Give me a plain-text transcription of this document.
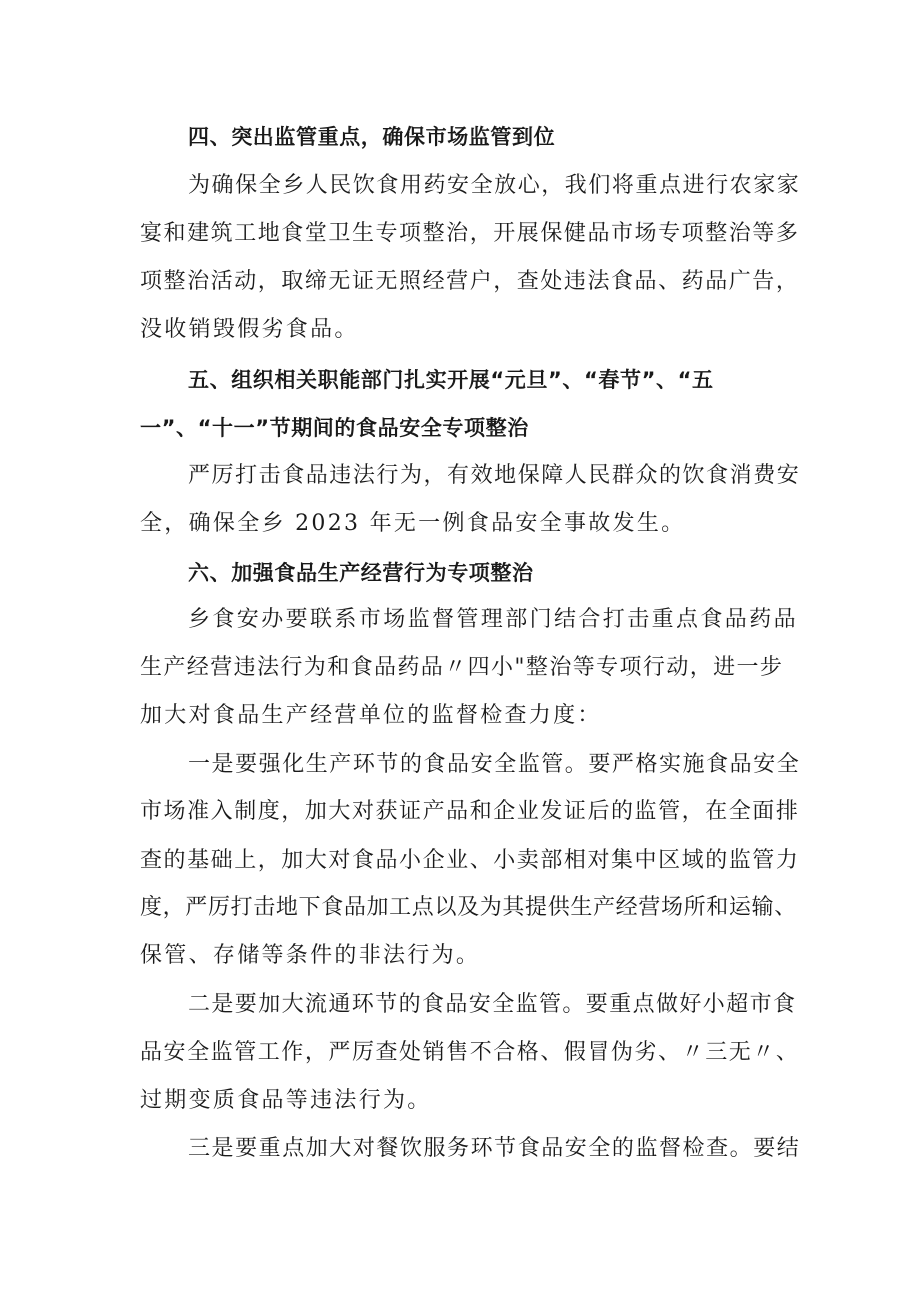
四、突出监管重点，确保市场监管到位
为确保全乡人民饮食用药安全放心，我们将重点进行农家家
宴和建筑工地食堂卫生专项整治，开展保健品市场专项整治等多
项整治活动，取缔无证无照经营户，查处违法食品、药品广告，
没收销毁假劣食品。
五、组织相关职能部门扎实开展“元旦”、“春节”、“五
一”、“十一”节期间的食品安全专项整治
严厉打击食品违法行为，有效地保障人民群众的饮食消费安
全，确保全乡 2023 年无一例食品安全事故发生。
六、加强食品生产经营行为专项整治
乡食安办要联系市场监督管理部门结合打击重点食品药品
生产经营违法行为和食品药品〃四小"整治等专项行动，进一步
加大对食品生产经营单位的监督检查力度：
一是要强化生产环节的食品安全监管。要严格实施食品安全
市场准入制度，加大对获证产品和企业发证后的监管，在全面排
查的基础上，加大对食品小企业、小卖部相对集中区域的监管力
度，严厉打击地下食品加工点以及为其提供生产经营场所和运输、
保管、存储等条件的非法行为。
二是要加大流通环节的食品安全监管。要重点做好小超市食
品安全监管工作，严厉查处销售不合格、假冒伪劣、〃三无〃、
过期变质食品等违法行为。
三是要重点加大对餐饮服务环节食品安全的监督检查。要结
